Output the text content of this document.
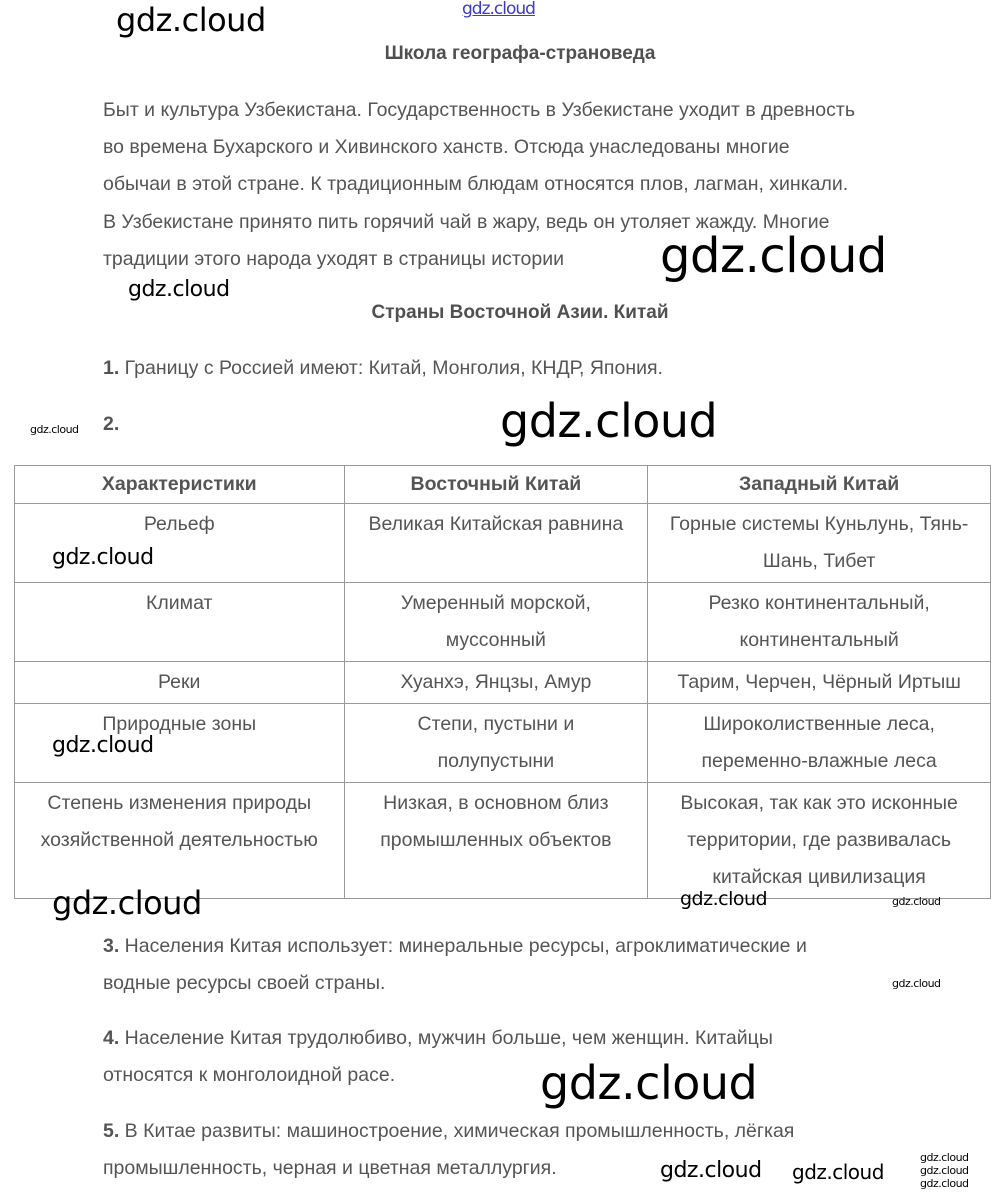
gdz.cloud
Школа географа-страноведа
Быт и культура Узбекистана. Государственность в Узбекистане уходит в древность
во времена Бухарского и Хивинского ханств. Отсюда унаследованы многие
обычаи в этой стране. К традиционным блюдам относятся плов, лагман, хинкали.
В Узбекистане принято пить горячий чай в жару, ведь он утоляет жажду. Многие
традиции этого народа уходят в страницы истории
Страны Восточной Азии. Китай
1. Границу с Россией имеют: Китай, Монголия, КНДР, Япония.
2.
Характеристики	Восточный Китай	Западный Китай
Рельеф	Великая Китайская равнина	Горные системы Куньлунь, Тянь-Шань, Тибет
Климат	Умеренный морской, муссонный	Резко континентальный, континентальный
Реки	Хуанхэ, Янцзы, Амур	Тарим, Черчен, Чёрный Иртыш
Природные зоны	Степи, пустыни и полупустыни	Широколиственные леса, переменно-влажные леса
Степень изменения природы хозяйственной деятельностью	Низкая, в основном близ промышленных объектов	Высокая, так как это исконные территории, где развивалась китайская цивилизация
3. Населения Китая использует: минеральные ресурсы, агроклиматические и
водные ресурсы своей страны.
4. Население Китая трудолюбиво, мужчин больше, чем женщин. Китайцы
относятся к монголоидной расе.
5. В Китае развиты: машиностроение, химическая промышленность, лёгкая
промышленность, черная и цветная металлургия.
gdz.cloud
gdz.cloud
gdz.cloud
gdz.cloud	gdz.cloud
gdz.cloud
gdz.cloud
gdz.cloud	gdz.cloud	gdz.cloud
gdz.cloud
gdz.cloud
gdz.cloud gdz.cloud
gdz.cloud
gdz.cloud
gdz.cloud
